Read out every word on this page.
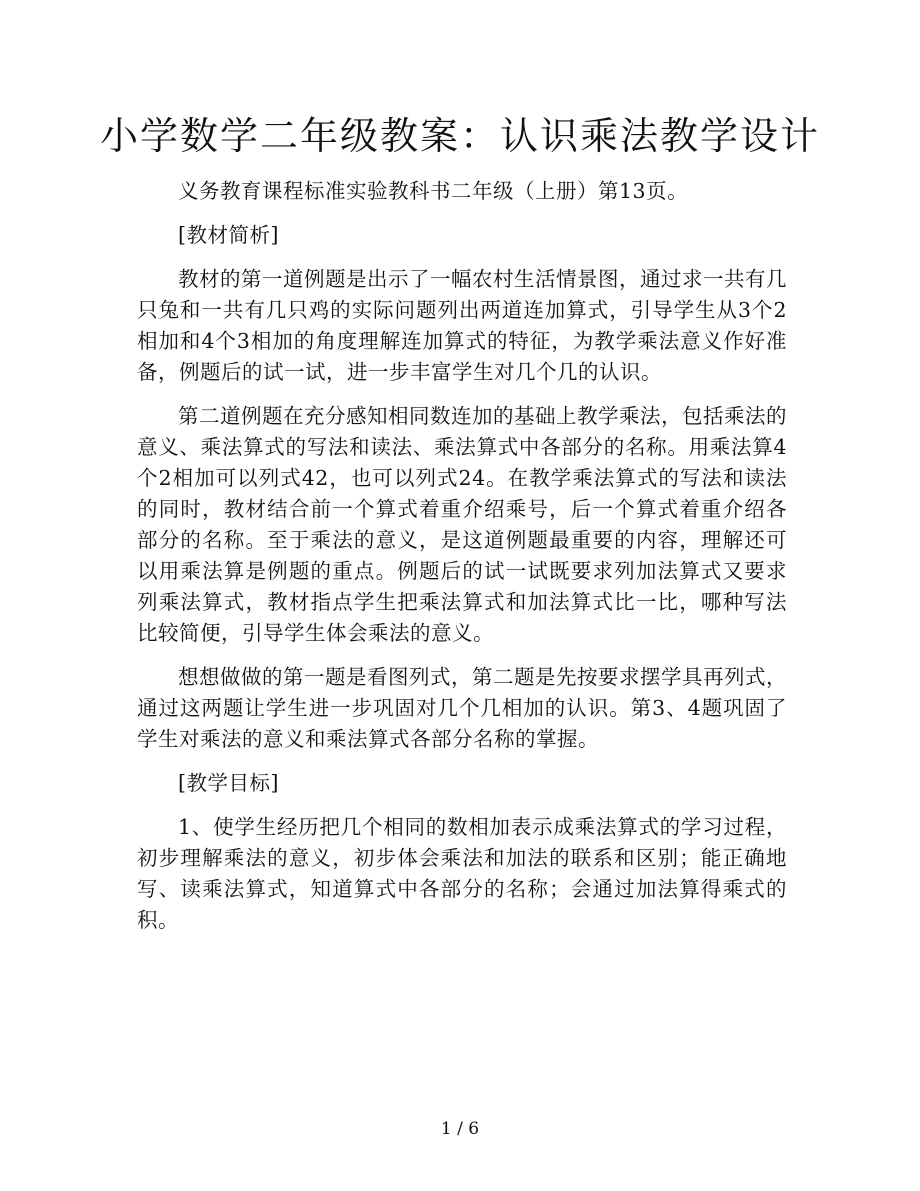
小学数学二年级教案：认识乘法教学设计

义务教育课程标准实验教科书二年级（上册）第13页。

[教材简析]

教材的第一道例题是出示了一幅农村生活情景图，通过求一共有几只兔和一共有几只鸡的实际问题列出两道连加算式，引导学生从3个2相加和4个3相加的角度理解连加算式的特征，为教学乘法意义作好准备，例题后的试一试，进一步丰富学生对几个几的认识。

第二道例题在充分感知相同数连加的基础上教学乘法，包括乘法的意义、乘法算式的写法和读法、乘法算式中各部分的名称。用乘法算4个2相加可以列式42，也可以列式24。在教学乘法算式的写法和读法的同时，教材结合前一个算式着重介绍乘号，后一个算式着重介绍各部分的名称。至于乘法的意义，是这道例题最重要的内容，理解还可以用乘法算是例题的重点。例题后的试一试既要求列加法算式又要求列乘法算式，教材指点学生把乘法算式和加法算式比一比，哪种写法比较简便，引导学生体会乘法的意义。

想想做做的第一题是看图列式，第二题是先按要求摆学具再列式，通过这两题让学生进一步巩固对几个几相加的认识。第3、4题巩固了学生对乘法的意义和乘法算式各部分名称的掌握。

[教学目标]

1、使学生经历把几个相同的数相加表示成乘法算式的学习过程，初步理解乘法的意义，初步体会乘法和加法的联系和区别；能正确地写、读乘法算式，知道算式中各部分的名称；会通过加法算得乘式的积。

1 / 6
